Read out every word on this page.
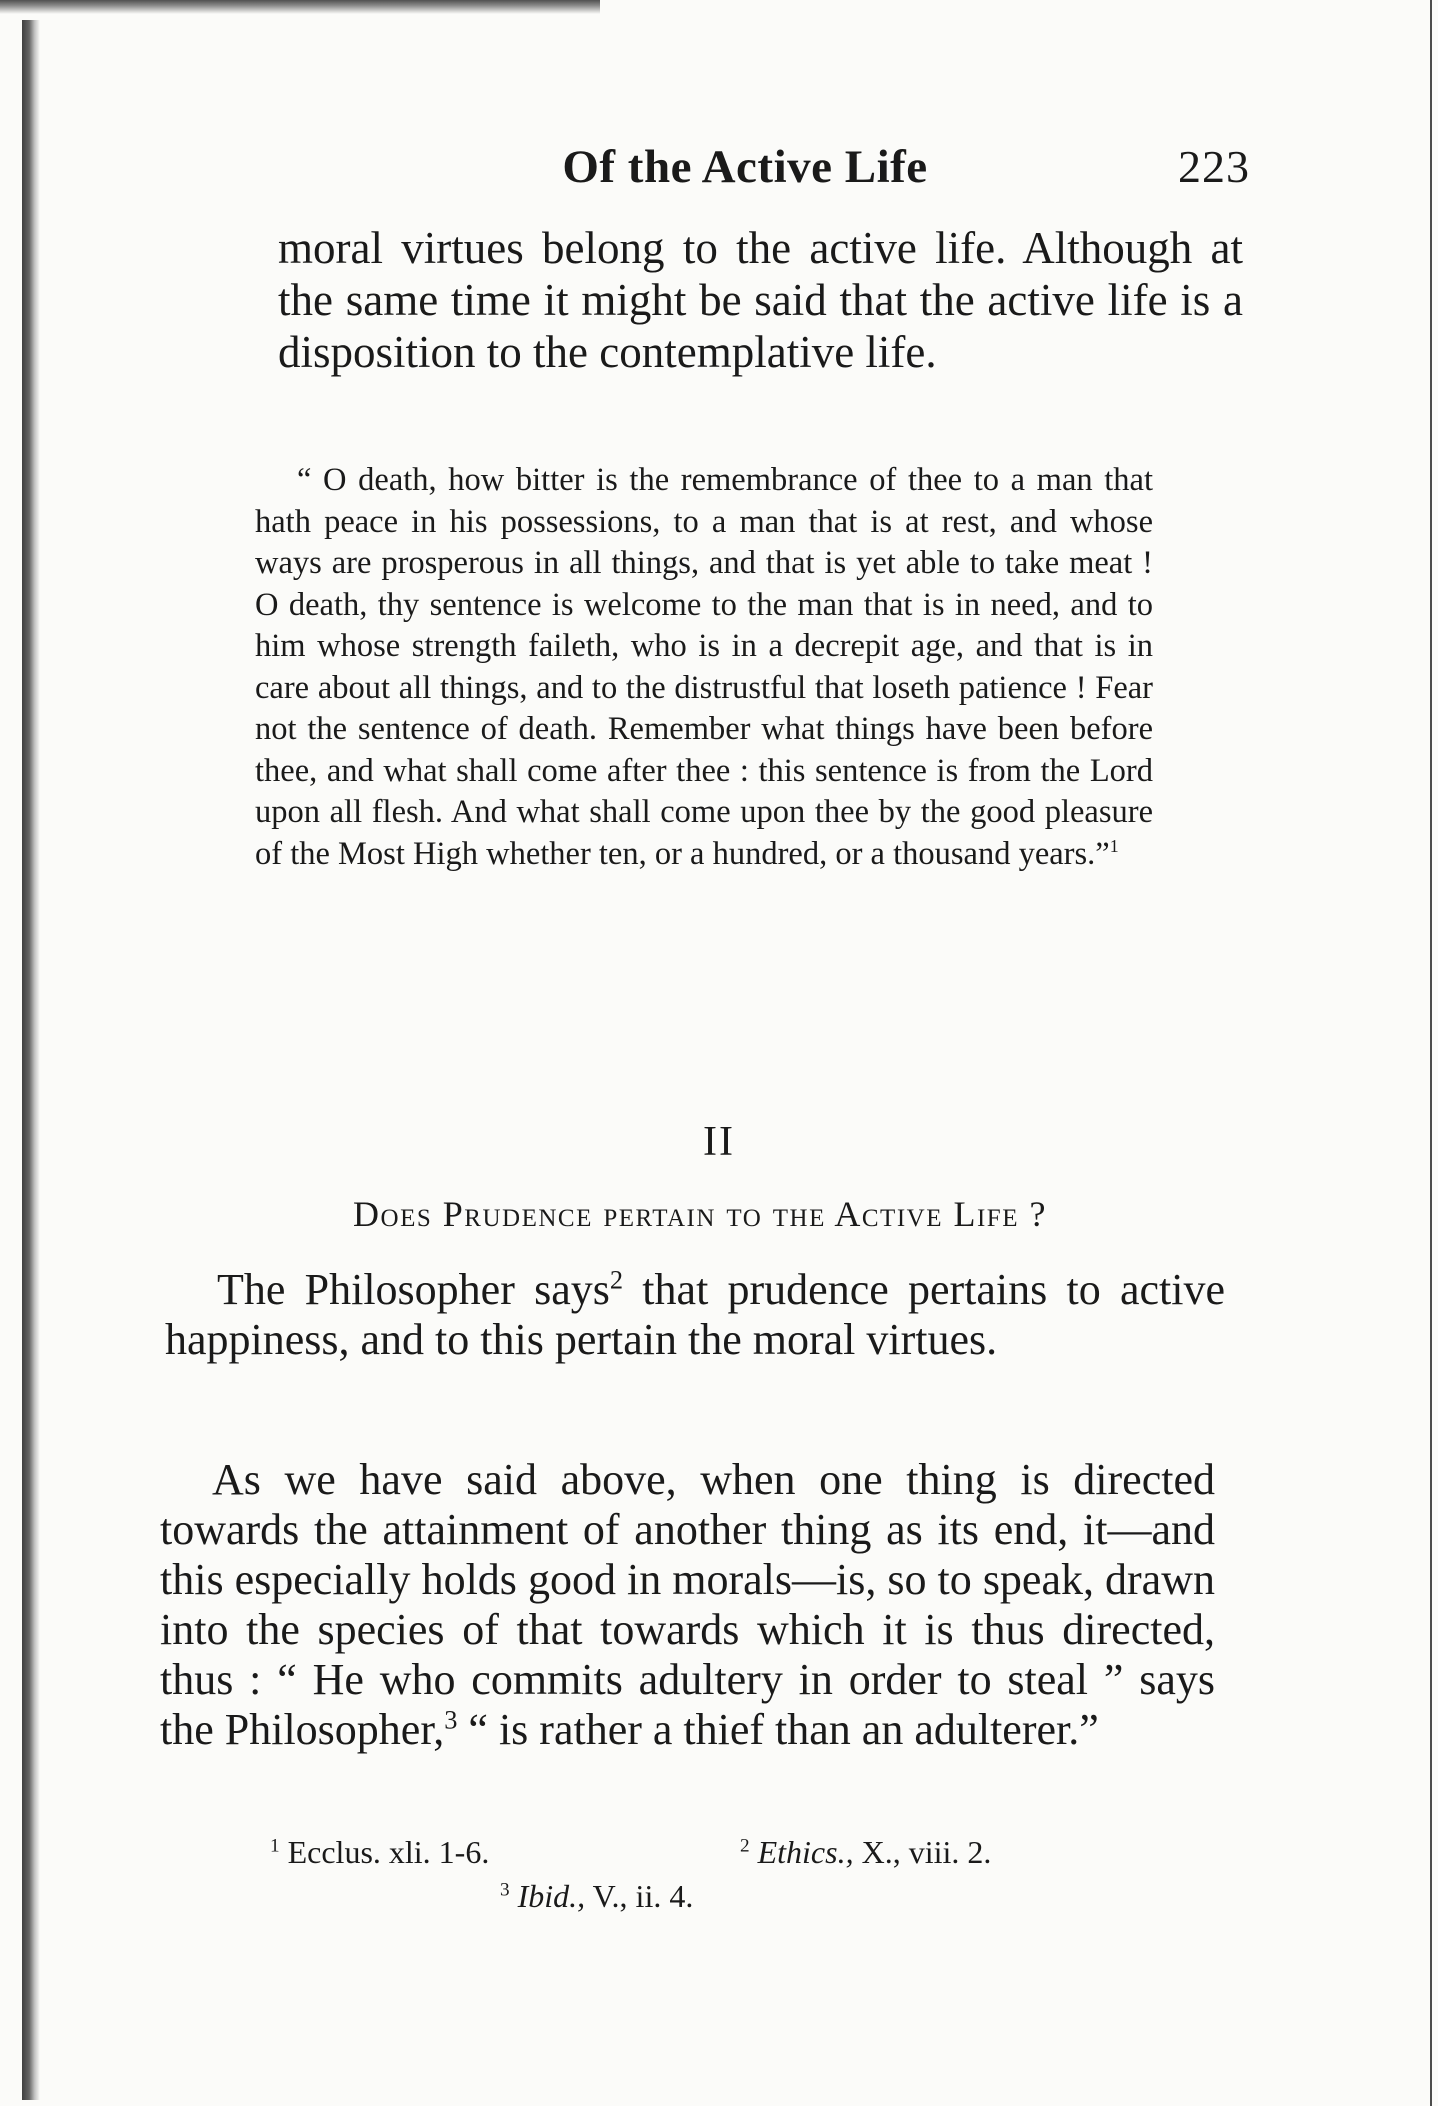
Of the Active Life	223
moral virtues belong to the active life. Although at the same time it might be said that the active life is a disposition to the contemplative life.
“ O death, how bitter is the remembrance of thee to a man that hath peace in his possessions, to a man that is at rest, and whose ways are prosperous in all things, and that is yet able to take meat ! O death, thy sentence is welcome to the man that is in need, and to him whose strength faileth, who is in a decrepit age, and that is in care about all things, and to the distrustful that loseth patience ! Fear not the sentence of death. Remember what things have been before thee, and what shall come after thee : this sentence is from the Lord upon all flesh. And what shall come upon thee by the good pleasure of the Most High whether ten, or a hundred, or a thousand years.”$^1$
II
Does Prudence pertain to the Active Life ?
The Philosopher says$^2$ that prudence pertains to active happiness, and to this pertain the moral virtues.
As we have said above, when one thing is directed towards the attainment of another thing as its end, it—and this especially holds good in morals—is, so to speak, drawn into the species of that towards which it is thus directed, thus : “ He who commits adultery in order to steal ” says the Philosopher,$^3$ “ is rather a thief than an adulterer.”
$^1$ Ecclus. xli. 1-6.	$^2$ Ethics., X., viii. 2.
$^3$ Ibid., V., ii. 4.
